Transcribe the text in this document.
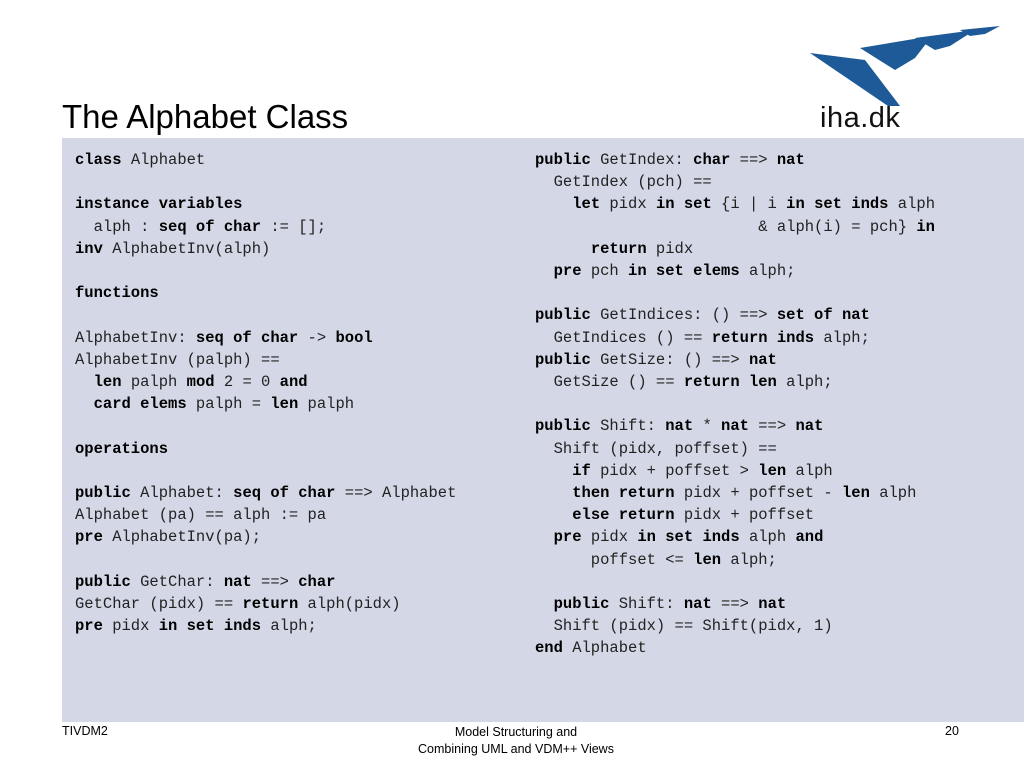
The Alphabet Class	iha.dk
class Alphabet

instance variables
alph : seq of char := [];
inv AlphabetInv(alph)

functions

AlphabetInv: seq of char -> bool
AlphabetInv (palph) ==
len palph mod 2 = 0 and
card elems palph = len palph

operations

public Alphabet: seq of char ==> Alphabet
Alphabet (pa) == alph := pa
pre AlphabetInv(pa);

public GetChar: nat ==> char
GetChar (pidx) == return alph(pidx)
pre pidx in set inds alph;
public GetIndex: char ==> nat
GetIndex (pch) ==
let pidx in set {i | i in set inds alph
& alph(i) = pch} in
return pidx
pre pch in set elems alph;

public GetIndices: () ==> set of nat
GetIndices () == return inds alph;
public GetSize: () ==> nat
GetSize () == return len alph;

public Shift: nat * nat ==> nat
Shift (pidx, poffset) ==
if pidx + poffset > len alph
then return pidx + poffset - len alph
else return pidx + poffset
pre pidx in set inds alph and
poffset <= len alph;

public Shift: nat ==> nat
Shift (pidx) == Shift(pidx, 1)
end Alphabet
TIVDM2	Model Structuring and
Combining UML and VDM++ Views
20
